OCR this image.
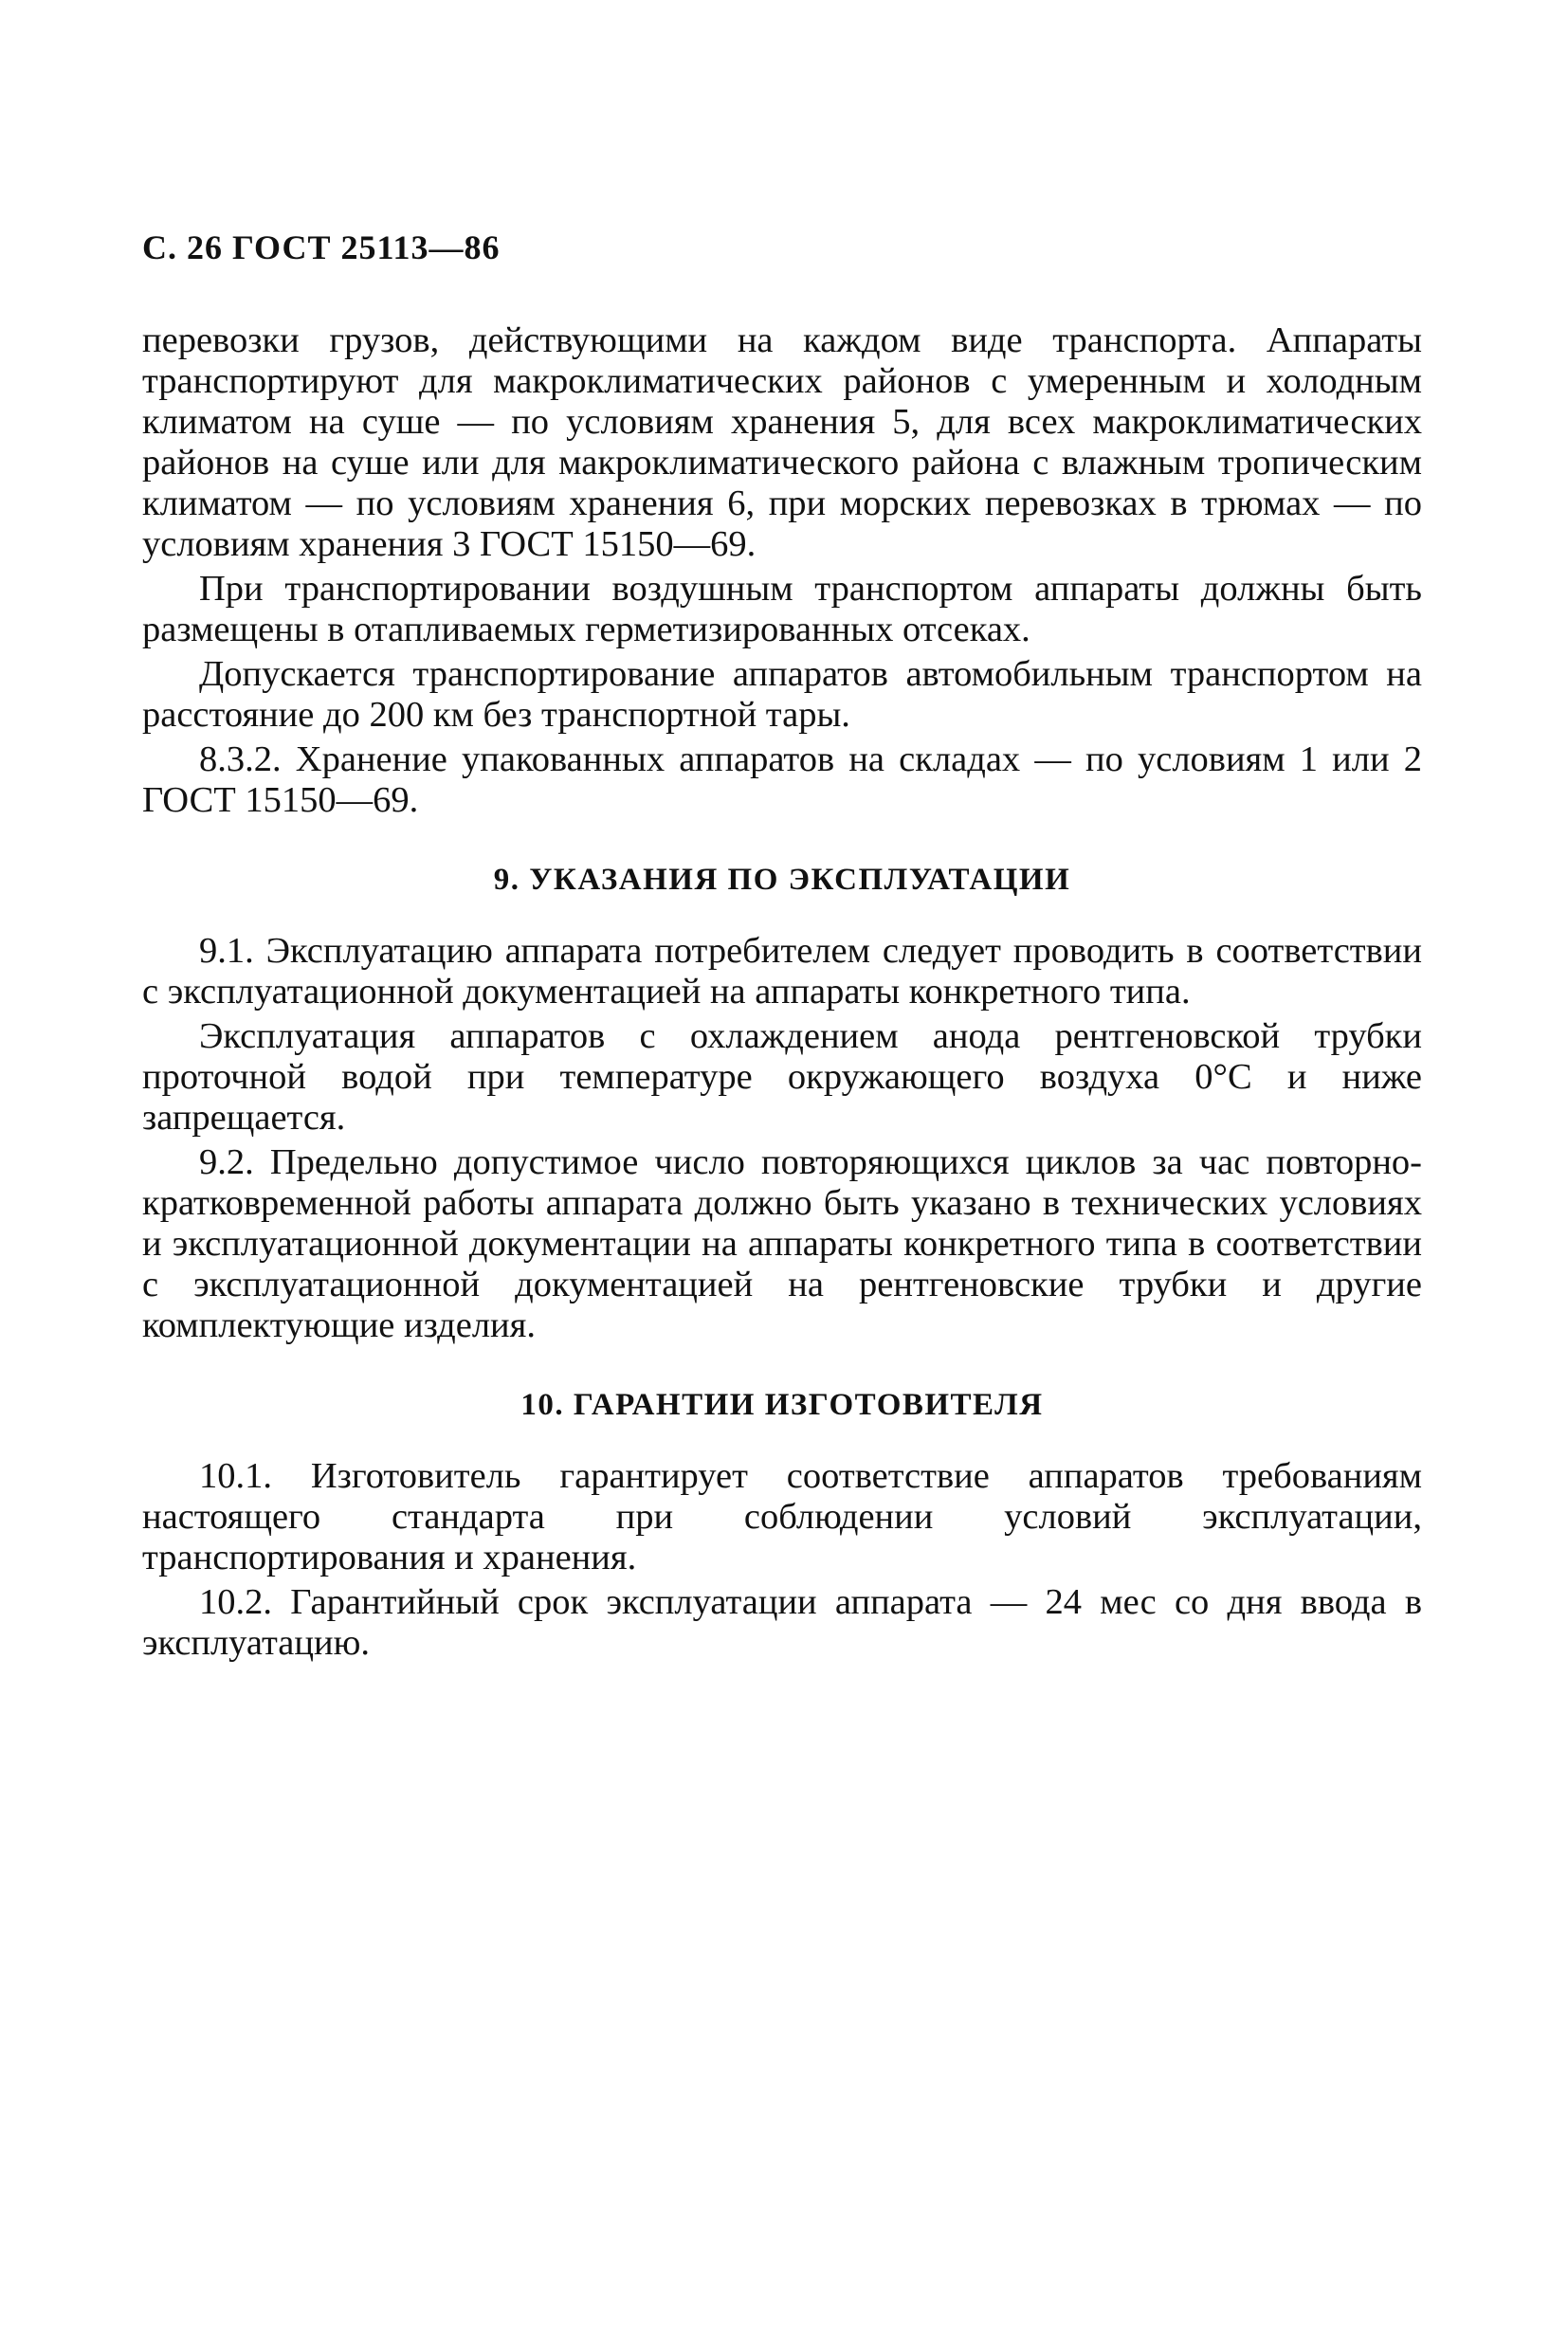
С. 26 ГОСТ 25113—86

перевозки грузов, действующими на каждом виде транспорта. Аппараты транспортируют для макроклиматических районов с умеренным и холодным климатом на суше — по условиям хранения 5, для всех макроклиматических районов на суше или для макроклиматического района с влажным тропическим климатом — по условиям хранения 6, при морских перевозках в трюмах — по условиям хранения 3 ГОСТ 15150—69.

При транспортировании воздушным транспортом аппараты должны быть размещены в отапливаемых герметизированных отсеках.

Допускается транспортирование аппаратов автомобильным транспортом на расстояние до 200 км без транспортной тары.

8.3.2. Хранение упакованных аппаратов на складах — по условиям 1 или 2 ГОСТ 15150—69.

9. УКАЗАНИЯ ПО ЭКСПЛУАТАЦИИ

9.1. Эксплуатацию аппарата потребителем следует проводить в соответствии с эксплуатационной документацией на аппараты конкретного типа.

Эксплуатация аппаратов с охлаждением анода рентгеновской трубки проточной водой при температуре окружающего воздуха 0°С и ниже запрещается.

9.2. Предельно допустимое число повторяющихся циклов за час повторно-кратковременной работы аппарата должно быть указано в технических условиях и эксплуатационной документации на аппараты конкретного типа в соответствии с эксплуатационной документацией на рентгеновские трубки и другие комплектующие изделия.

10. ГАРАНТИИ ИЗГОТОВИТЕЛЯ

10.1. Изготовитель гарантирует соответствие аппаратов требованиям настоящего стандарта при соблюдении условий эксплуатации, транспортирования и хранения.

10.2. Гарантийный срок эксплуатации аппарата — 24 мес со дня ввода в эксплуатацию.
